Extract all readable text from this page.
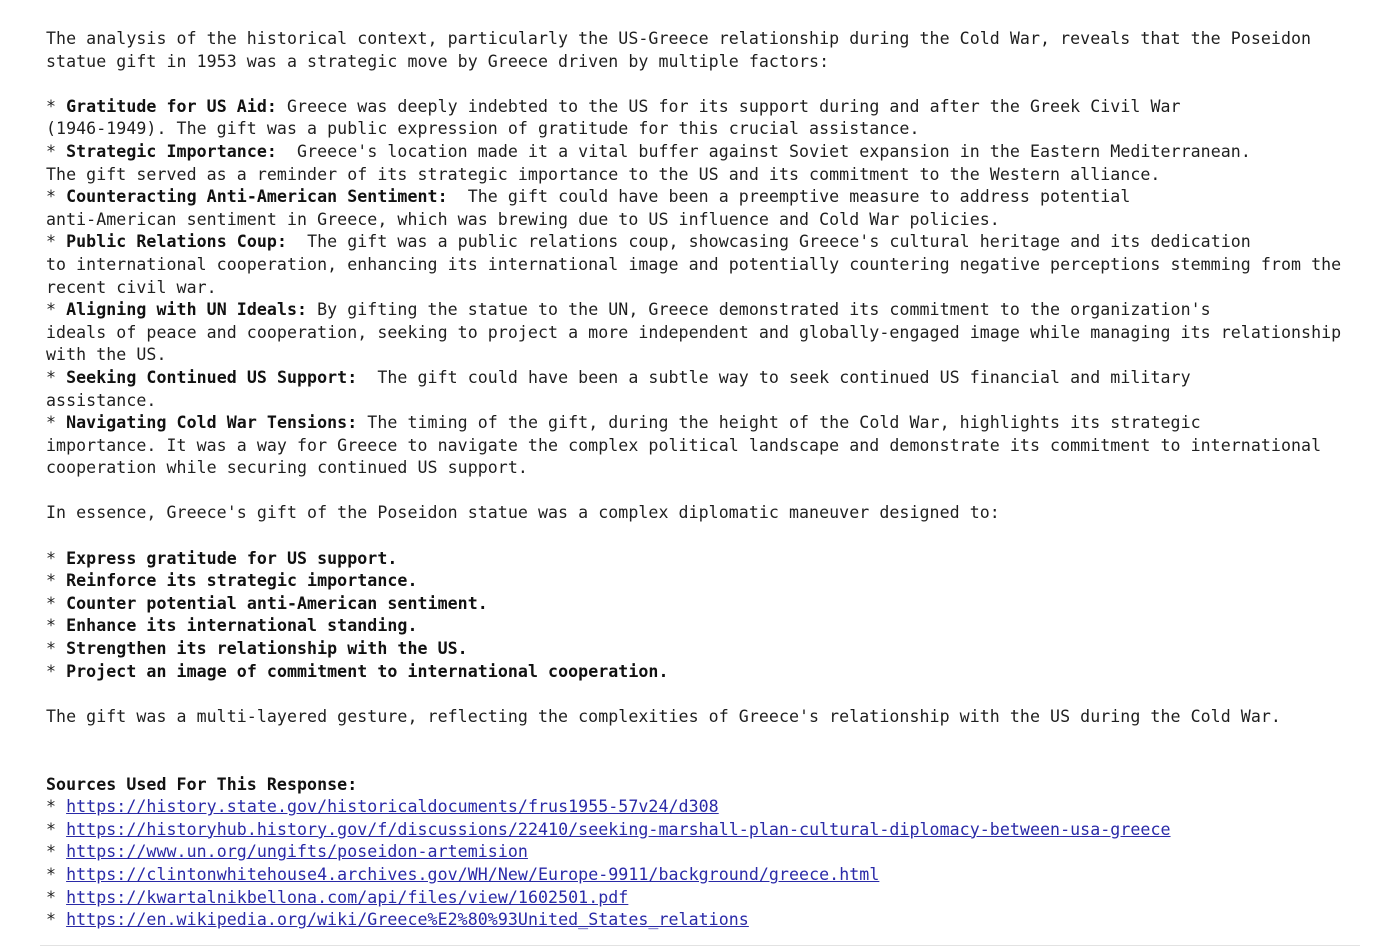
The analysis of the historical context, particularly the US-Greece relationship during the Cold War, reveals that the Poseidon
statue gift in 1953 was a strategic move by Greece driven by multiple factors:
* Gratitude for US Aid: Greece was deeply indebted to the US for its support during and after the Greek Civil War
(1946-1949). The gift was a public expression of gratitude for this crucial assistance.
* Strategic Importance:  Greece's location made it a vital buffer against Soviet expansion in the Eastern Mediterranean.
The gift served as a reminder of its strategic importance to the US and its commitment to the Western alliance.
* Counteracting Anti-American Sentiment:  The gift could have been a preemptive measure to address potential
anti-American sentiment in Greece, which was brewing due to US influence and Cold War policies.
* Public Relations Coup:  The gift was a public relations coup, showcasing Greece's cultural heritage and its dedication
to international cooperation, enhancing its international image and potentially countering negative perceptions stemming from the
recent civil war.
* Aligning with UN Ideals: By gifting the statue to the UN, Greece demonstrated its commitment to the organization's
ideals of peace and cooperation, seeking to project a more independent and globally-engaged image while managing its relationship
with the US.
* Seeking Continued US Support:  The gift could have been a subtle way to seek continued US financial and military
assistance.
* Navigating Cold War Tensions: The timing of the gift, during the height of the Cold War, highlights its strategic
importance. It was a way for Greece to navigate the complex political landscape and demonstrate its commitment to international
cooperation while securing continued US support.
In essence, Greece's gift of the Poseidon statue was a complex diplomatic maneuver designed to:
* Express gratitude for US support.
* Reinforce its strategic importance.
* Counter potential anti-American sentiment.
* Enhance its international standing.
* Strengthen its relationship with the US.
* Project an image of commitment to international cooperation.
The gift was a multi-layered gesture, reflecting the complexities of Greece's relationship with the US during the Cold War.
Sources Used For This Response:
* https://history.state.gov/historicaldocuments/frus1955-57v24/d308
* https://historyhub.history.gov/f/discussions/22410/seeking-marshall-plan-cultural-diplomacy-between-usa-greece
* https://www.un.org/ungifts/poseidon-artemision
* https://clintonwhitehouse4.archives.gov/WH/New/Europe-9911/background/greece.html
* https://kwartalnikbellona.com/api/files/view/1602501.pdf
* https://en.wikipedia.org/wiki/Greece%E2%80%93United_States_relations
